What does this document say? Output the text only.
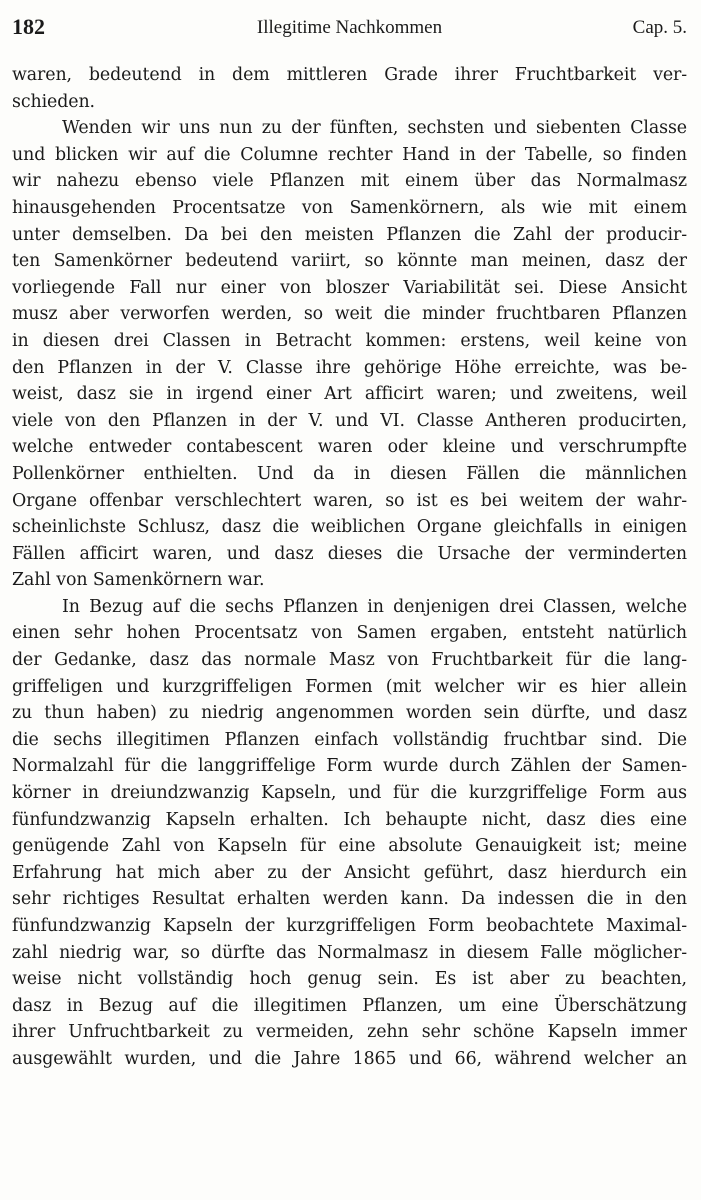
182	Illegitime Nachkommen	Cap. 5.
waren, bedeutend in dem mittleren Grade ihrer Fruchtbarkeit ver-
schieden.
Wenden wir uns nun zu der fünften, sechsten und siebenten Classe
und blicken wir auf die Columne rechter Hand in der Tabelle, so finden
wir nahezu ebenso viele Pflanzen mit einem über das Normalmasz
hinausgehenden Procentsatze von Samenkörnern, als wie mit einem
unter demselben. Da bei den meisten Pflanzen die Zahl der producir-
ten Samenkörner bedeutend variirt, so könnte man meinen, dasz der
vorliegende Fall nur einer von bloszer Variabilität sei. Diese Ansicht
musz aber verworfen werden, so weit die minder fruchtbaren Pflanzen
in diesen drei Classen in Betracht kommen: erstens, weil keine von
den Pflanzen in der V. Classe ihre gehörige Höhe erreichte, was be-
weist, dasz sie in irgend einer Art afficirt waren; und zweitens, weil
viele von den Pflanzen in der V. und VI. Classe Antheren producirten,
welche entweder contabescent waren oder kleine und verschrumpfte
Pollenkörner enthielten. Und da in diesen Fällen die männlichen
Organe offenbar verschlechtert waren, so ist es bei weitem der wahr-
scheinlichste Schlusz, dasz die weiblichen Organe gleichfalls in einigen
Fällen afficirt waren, und dasz dieses die Ursache der verminderten
Zahl von Samenkörnern war.
In Bezug auf die sechs Pflanzen in denjenigen drei Classen, welche
einen sehr hohen Procentsatz von Samen ergaben, entsteht natürlich
der Gedanke, dasz das normale Masz von Fruchtbarkeit für die lang-
griffeligen und kurzgriffeligen Formen (mit welcher wir es hier allein
zu thun haben) zu niedrig angenommen worden sein dürfte, und dasz
die sechs illegitimen Pflanzen einfach vollständig fruchtbar sind. Die
Normalzahl für die langgriffelige Form wurde durch Zählen der Samen-
körner in dreiundzwanzig Kapseln, und für die kurzgriffelige Form aus
fünfundzwanzig Kapseln erhalten. Ich behaupte nicht, dasz dies eine
genügende Zahl von Kapseln für eine absolute Genauigkeit ist; meine
Erfahrung hat mich aber zu der Ansicht geführt, dasz hierdurch ein
sehr richtiges Resultat erhalten werden kann. Da indessen die in den
fünfundzwanzig Kapseln der kurzgriffeligen Form beobachtete Maximal-
zahl niedrig war, so dürfte das Normalmasz in diesem Falle möglicher-
weise nicht vollständig hoch genug sein. Es ist aber zu beachten,
dasz in Bezug auf die illegitimen Pflanzen, um eine Überschätzung
ihrer Unfruchtbarkeit zu vermeiden, zehn sehr schöne Kapseln immer
ausgewählt wurden, und die Jahre 1865 und 66, während welcher an
